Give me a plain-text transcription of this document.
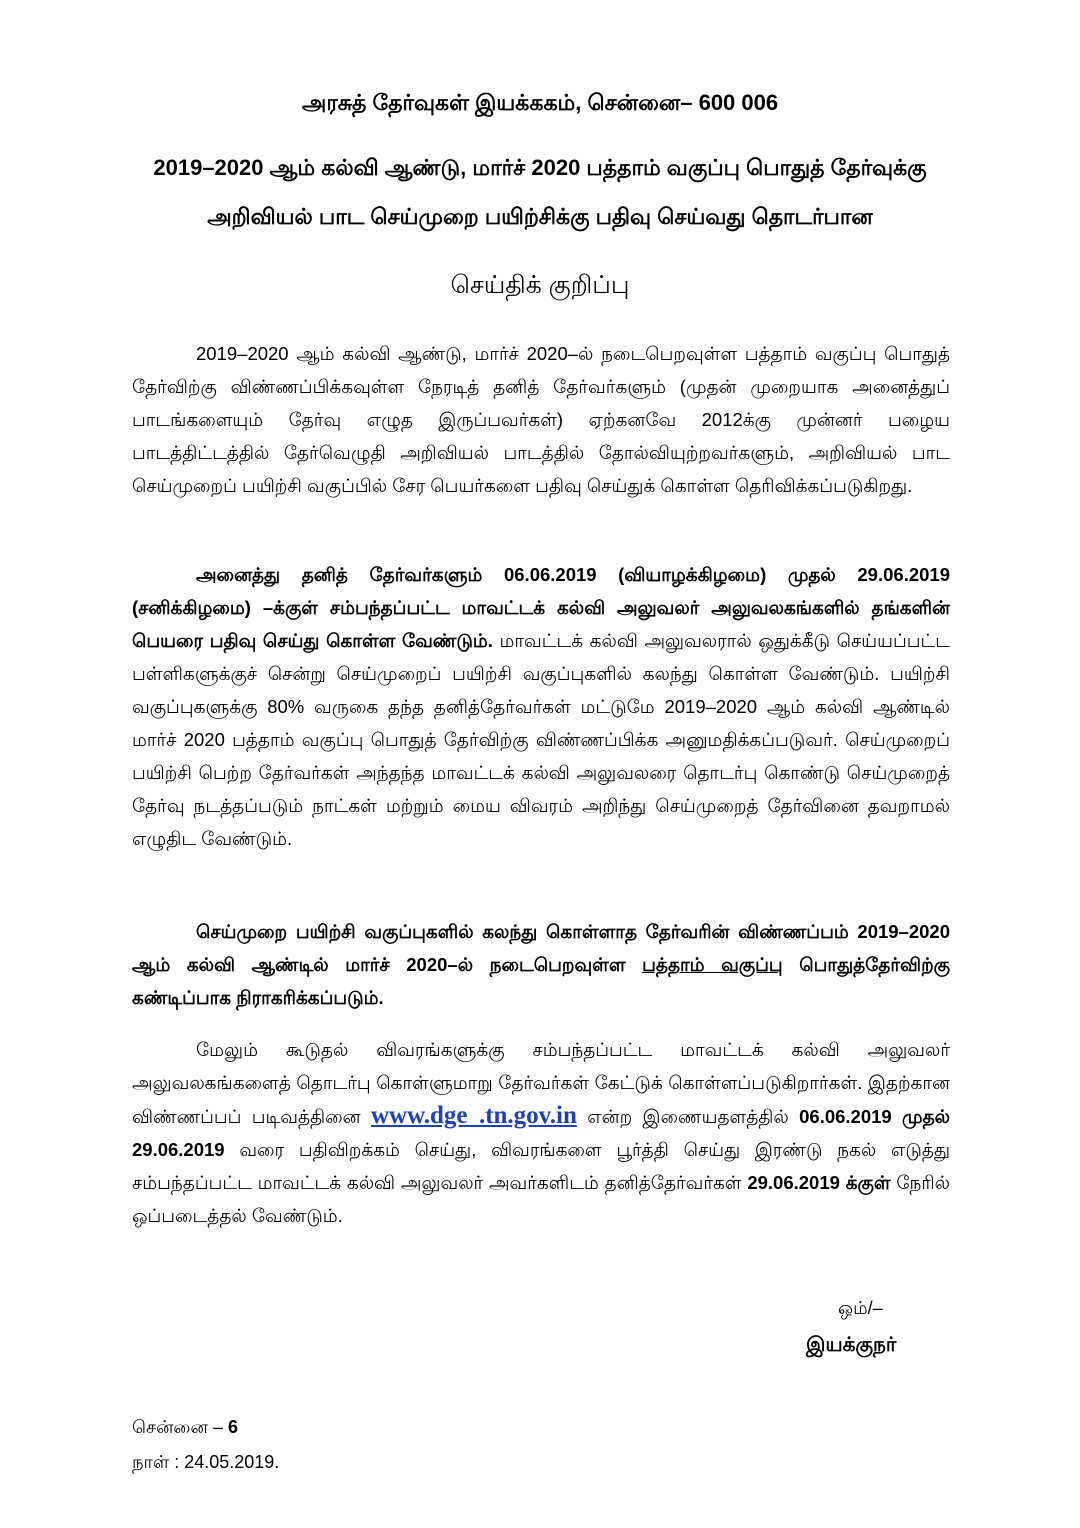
அரசுத் தேர்வுகள் இயக்ககம், சென்னை– 600 006
2019–2020 ஆம் கல்வி ஆண்டு, மார்ச் 2020 பத்தாம் வகுப்பு பொதுத் தேர்வுக்கு
அறிவியல் பாட செய்முறை பயிற்சிக்கு பதிவு செய்வது தொடர்பான
செய்திக் குறிப்பு
2019–2020 ஆம் கல்வி ஆண்டு, மார்ச் 2020–ல் நடைபெறவுள்ள பத்தாம் வகுப்பு பொதுத் தேர்விற்கு விண்ணப்பிக்கவுள்ள நேரடித் தனித் தேர்வர்களும் (முதன் முறையாக அனைத்துப் பாடங்களையும் தேர்வு எழுத இருப்பவர்கள்) ஏற்கனவே 2012க்கு முன்னர் பழைய பாடத்திட்டத்தில் தேர்வெழுதி அறிவியல் பாடத்தில் தோல்வியுற்றவர்களும், அறிவியல் பாட செய்முறைப் பயிற்சி வகுப்பில் சேர பெயர்களை பதிவு செய்துக் கொள்ள தெரிவிக்கப்படுகிறது.
அனைத்து தனித் தேர்வர்களும் 06.06.2019 (வியாழக்கிழமை) முதல் 29.06.2019 (சனிக்கிழமை) –க்குள் சம்பந்தப்பட்ட மாவட்டக் கல்வி அலுவலர் அலுவலகங்களில் தங்களின் பெயரை பதிவு செய்து கொள்ள வேண்டும். மாவட்டக் கல்வி அலுவலரால் ஒதுக்கீடு செய்யப்பட்ட பள்ளிகளுக்குச் சென்று செய்முறைப் பயிற்சி வகுப்புகளில் கலந்து கொள்ள வேண்டும். பயிற்சி வகுப்புகளுக்கு 80% வருகை தந்த தனித்தேர்வர்கள் மட்டுமே 2019–2020 ஆம் கல்வி ஆண்டில் மார்ச் 2020 பத்தாம் வகுப்பு பொதுத் தேர்விற்கு விண்ணப்பிக்க அனுமதிக்கப்படுவர். செய்முறைப் பயிற்சி பெற்ற தேர்வர்கள் அந்தந்த மாவட்டக் கல்வி அலுவலரை தொடர்பு கொண்டு செய்முறைத் தேர்வு நடத்தப்படும் நாட்கள் மற்றும் மைய விவரம் அறிந்து செய்முறைத் தேர்வினை தவறாமல் எழுதிட வேண்டும்.
செய்முறை பயிற்சி வகுப்புகளில் கலந்து கொள்ளாத தேர்வரின் விண்ணப்பம் 2019–2020 ஆம் கல்வி ஆண்டில் மார்ச் 2020–ல் நடைபெறவுள்ள பத்தாம் வகுப்பு பொதுத்தேர்விற்கு கண்டிப்பாக நிராகரிக்கப்படும்.
மேலும் கூடுதல் விவரங்களுக்கு சம்பந்தப்பட்ட மாவட்டக் கல்வி அலுவலர் அலுவலகங்களைத் தொடர்பு கொள்ளுமாறு தேர்வர்கள் கேட்டுக் கொள்ளப்படுகிறார்கள். இதற்கான விண்ணப்பப் படிவத்தினை www.dge .tn.gov.in என்ற இணையதளத்தில் 06.06.2019 முதல் 29.06.2019 வரை பதிவிறக்கம் செய்து, விவரங்களை பூர்த்தி செய்து இரண்டு நகல் எடுத்து சம்பந்தப்பட்ட மாவட்டக் கல்வி அலுவலர் அவர்களிடம் தனித்தேர்வர்கள் 29.06.2019 க்குள் நேரில் ஒப்படைத்தல் வேண்டும்.
ஒம்/–
இயக்குநர்
சென்னை – 6
நாள் : 24.05.2019.
